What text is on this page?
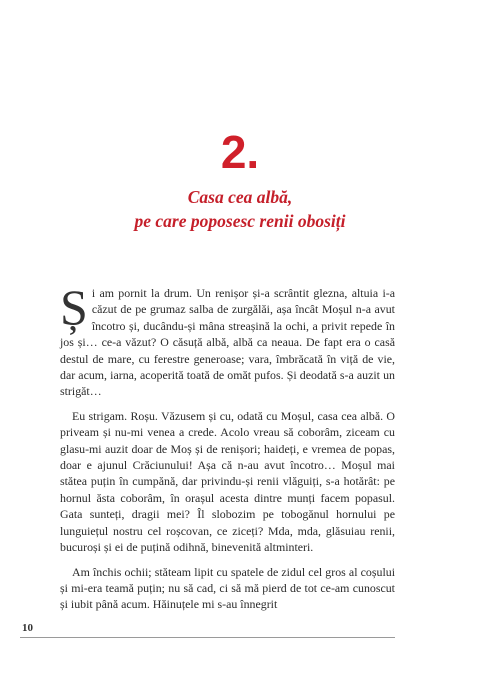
2.
Casa cea albă,
pe care poposesc renii obosiți

Și am pornit la drum. Un renișor și-a scrântit glezna, altuia i-a căzut de pe grumaz salba de zurgălăi, așa încât Moșul n-a avut încotro și, ducându-și mâna streașină la ochi, a privit repede în jos și… ce-a văzut? O căsuță albă, albă ca neaua. De fapt era o casă destul de mare, cu ferestre generoase; vara, îmbrăcată în viță de vie, dar acum, iarna, acoperită toată de omăt pufos. Și deodată s-a auzit un strigăt…

Eu strigam. Roșu. Văzusem și cu, odată cu Moșul, casa cea albă. O priveam și nu-mi venea a crede. Acolo vreau să coborâm, ziceam cu glasu-mi auzit doar de Moș și de renișori; haideți, e vremea de popas, doar e ajunul Crăciunului! Așa că n-au avut încotro… Moșul mai stătea puțin în cumpănă, dar privindu-și renii vlăguiți, s-a hotărât: pe hornul ăsta coborâm, în orașul acesta dintre munți facem popasul. Gata sunteți, dragii mei? Îl slobozim pe tobogănul hornului pe lunguiețul nostru cel roșcovan, ce ziceți? Mda, mda, glăsuiau renii, bucuroși și ei de puțină odihnă, binevenită altminteri.

Am închis ochii; stăteam lipit cu spatele de zidul cel gros al coșului și mi-era teamă puțin; nu să cad, ci să mă pierd de tot ce-am cunoscut și iubit până acum. Hăinuțele mi s-au înnegrit

10
